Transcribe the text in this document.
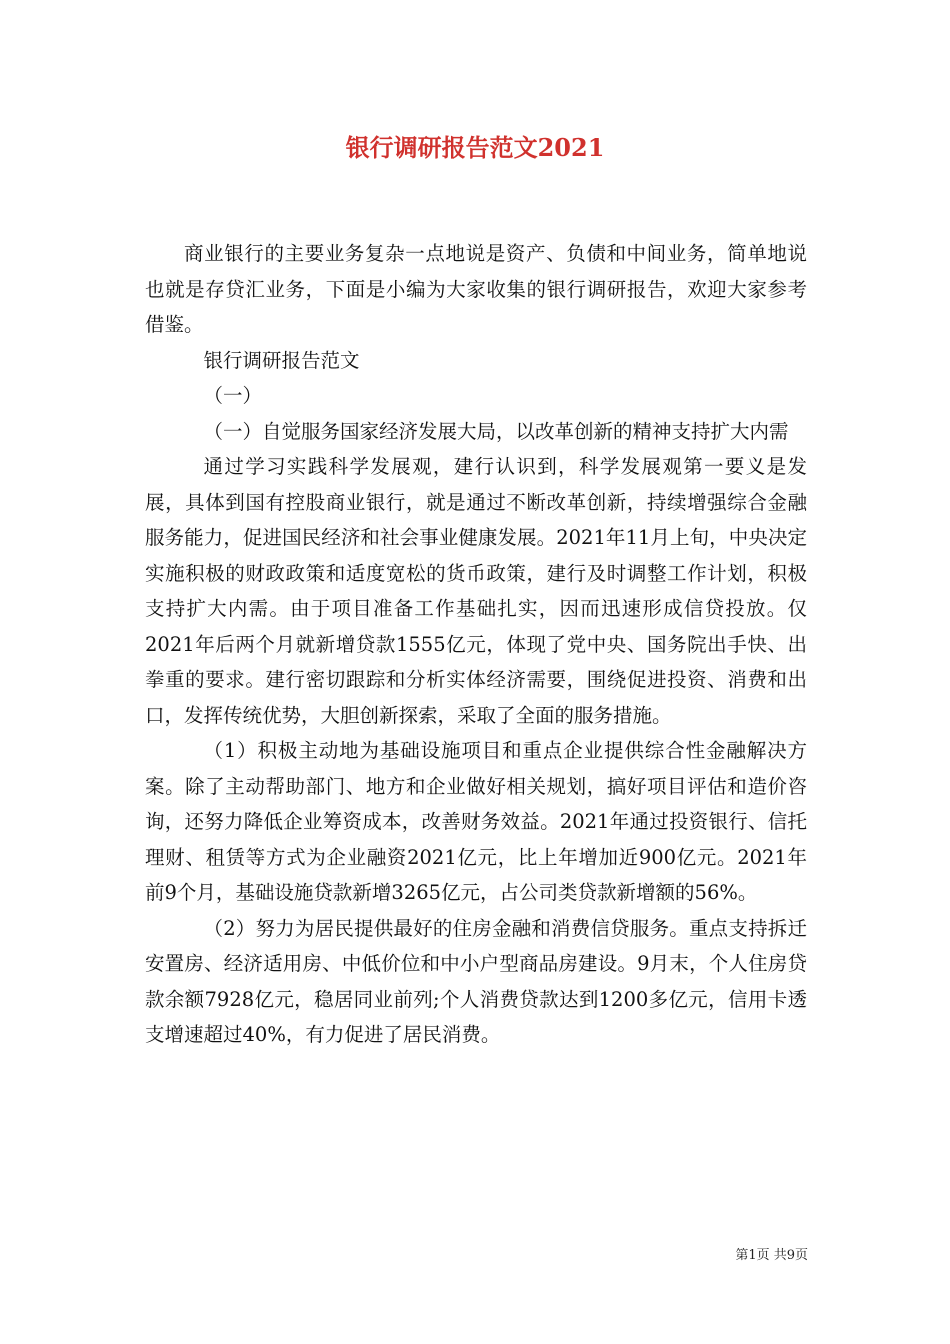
银行调研报告范文2021

商业银行的主要业务复杂一点地说是资产、负债和中间业务，简单地说也就是存贷汇业务，下面是小编为大家收集的银行调研报告，欢迎大家参考借鉴。

银行调研报告范文

（一）

（一）自觉服务国家经济发展大局，以改革创新的精神支持扩大内需

通过学习实践科学发展观，建行认识到，科学发展观第一要义是发展，具体到国有控股商业银行，就是通过不断改革创新，持续增强综合金融服务能力，促进国民经济和社会事业健康发展。2021年11月上旬，中央决定实施积极的财政政策和适度宽松的货币政策，建行及时调整工作计划，积极支持扩大内需。由于项目准备工作基础扎实，因而迅速形成信贷投放。仅2021年后两个月就新增贷款1555亿元，体现了党中央、国务院出手快、出拳重的要求。建行密切跟踪和分析实体经济需要，围绕促进投资、消费和出口，发挥传统优势，大胆创新探索，采取了全面的服务措施。

（1）积极主动地为基础设施项目和重点企业提供综合性金融解决方案。除了主动帮助部门、地方和企业做好相关规划，搞好项目评估和造价咨询，还努力降低企业筹资成本，改善财务效益。2021年通过投资银行、信托理财、租赁等方式为企业融资2021亿元，比上年增加近900亿元。2021年前9个月，基础设施贷款新增3265亿元，占公司类贷款新增额的56%。

（2）努力为居民提供最好的住房金融和消费信贷服务。重点支持拆迁安置房、经济适用房、中低价位和中小户型商品房建设。9月末，个人住房贷款余额7928亿元，稳居同业前列;个人消费贷款达到1200多亿元，信用卡透支增速超过40%，有力促进了居民消费。

第1页 共9页
